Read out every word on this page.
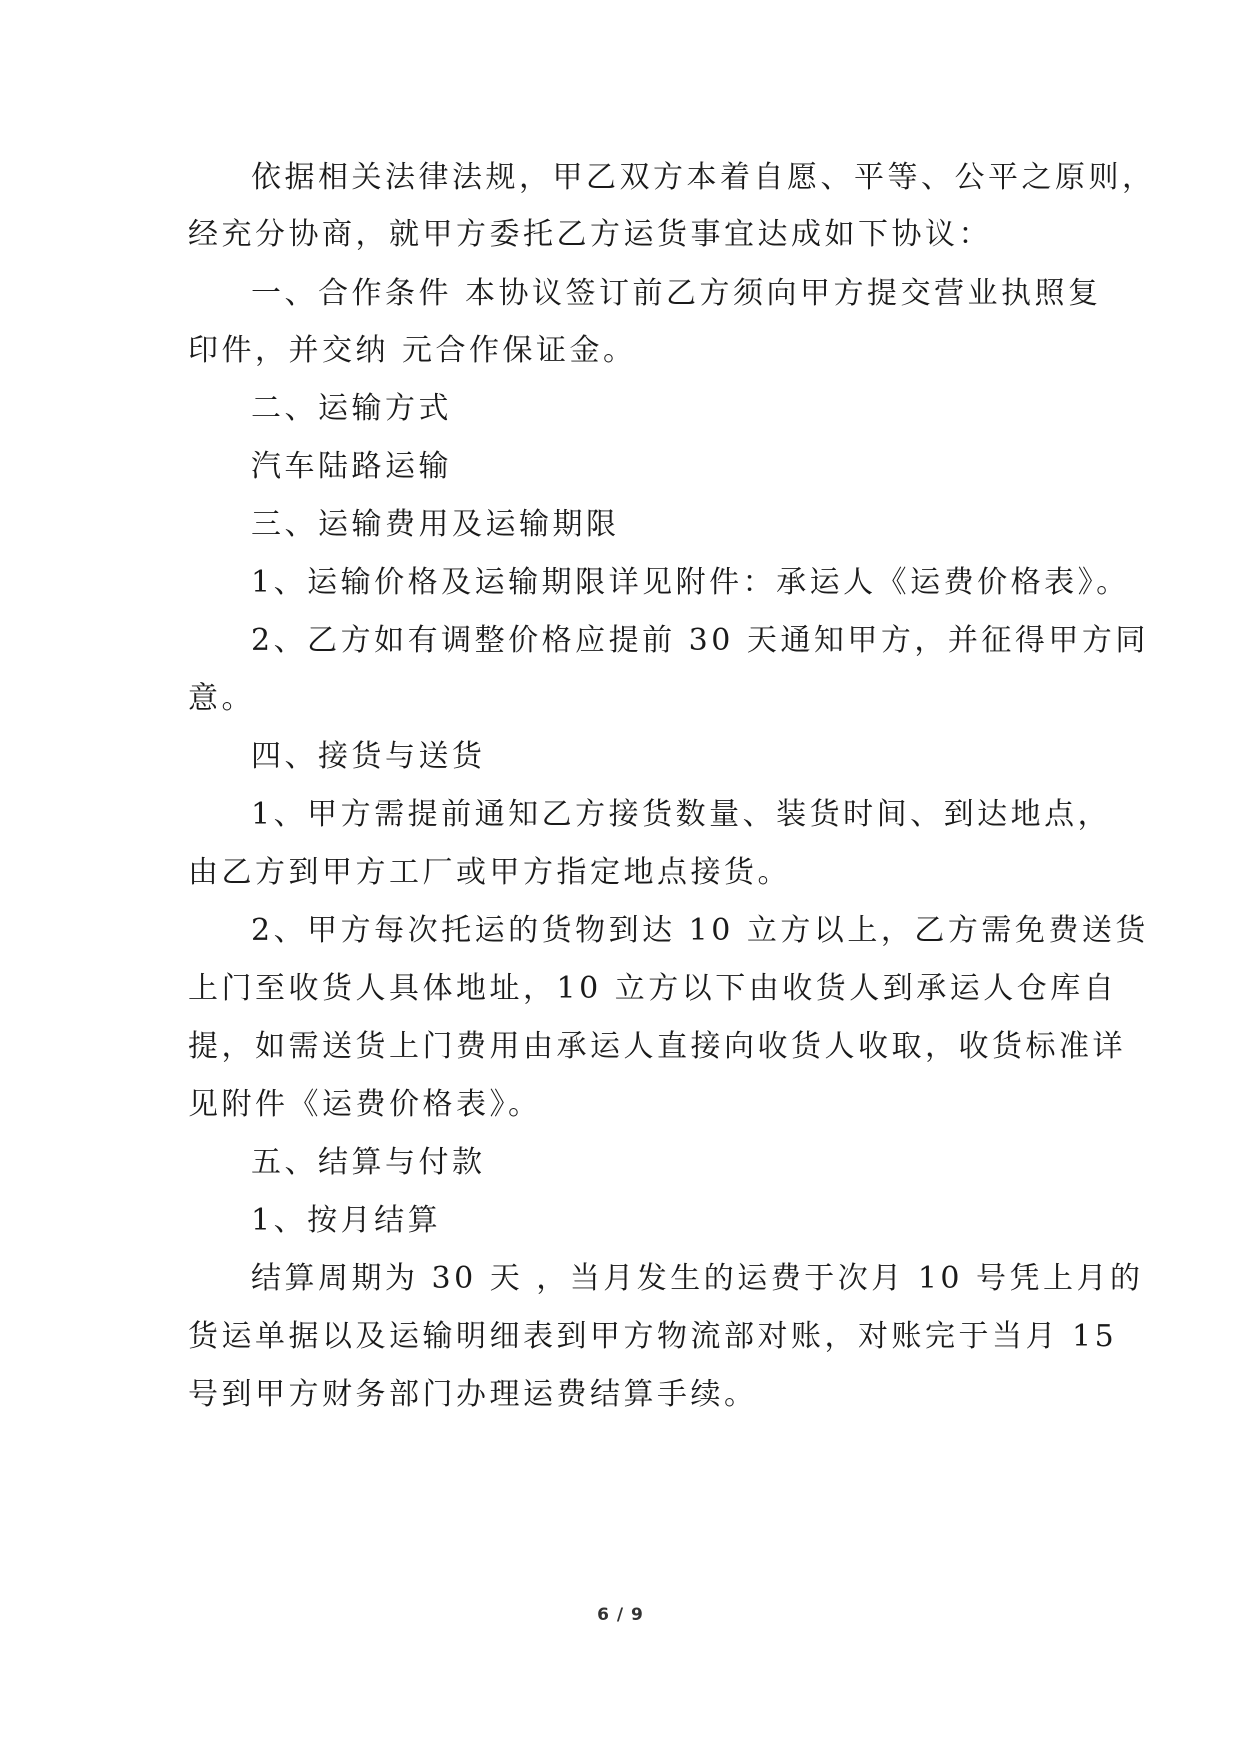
依据相关法律法规，甲乙双方本着自愿、平等、公平之原则，
经充分协商，就甲方委托乙方运货事宜达成如下协议：
一、合作条件 本协议签订前乙方须向甲方提交营业执照复
印件，并交纳 元合作保证金。
二、运输方式
汽车陆路运输
三、运输费用及运输期限
1、运输价格及运输期限详见附件：承运人《运费价格表》。
2、乙方如有调整价格应提前 30 天通知甲方，并征得甲方同
意。
四、接货与送货
1、甲方需提前通知乙方接货数量、装货时间、到达地点，
由乙方到甲方工厂或甲方指定地点接货。
2、甲方每次托运的货物到达 10 立方以上，乙方需免费送货
上门至收货人具体地址，10 立方以下由收货人到承运人仓库自
提，如需送货上门费用由承运人直接向收货人收取，收货标准详
见附件《运费价格表》。
五、结算与付款
1、按月结算
结算周期为 30 天 ，当月发生的运费于次月 10 号凭上月的
货运单据以及运输明细表到甲方物流部对账，对账完于当月 15
号到甲方财务部门办理运费结算手续。
6 / 9
